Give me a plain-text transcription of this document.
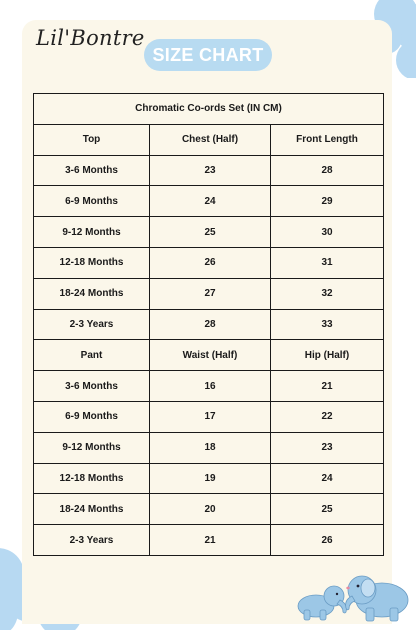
Lil'Bontre
SIZE CHART
Chromatic Co-ords Set (IN CM)		
Top	Chest (Half)	Front Length
3-6 Months	23	28
6-9 Months	24	29
9-12 Months	25	30
12-18 Months	26	31
18-24 Months	27	32
2-3 Years	28	33
Pant	Waist (Half)	Hip (Half)
3-6 Months	16	21
6-9 Months	17	22
9-12 Months	18	23
12-18 Months	19	24
18-24 Months	20	25
2-3 Years	21	26
